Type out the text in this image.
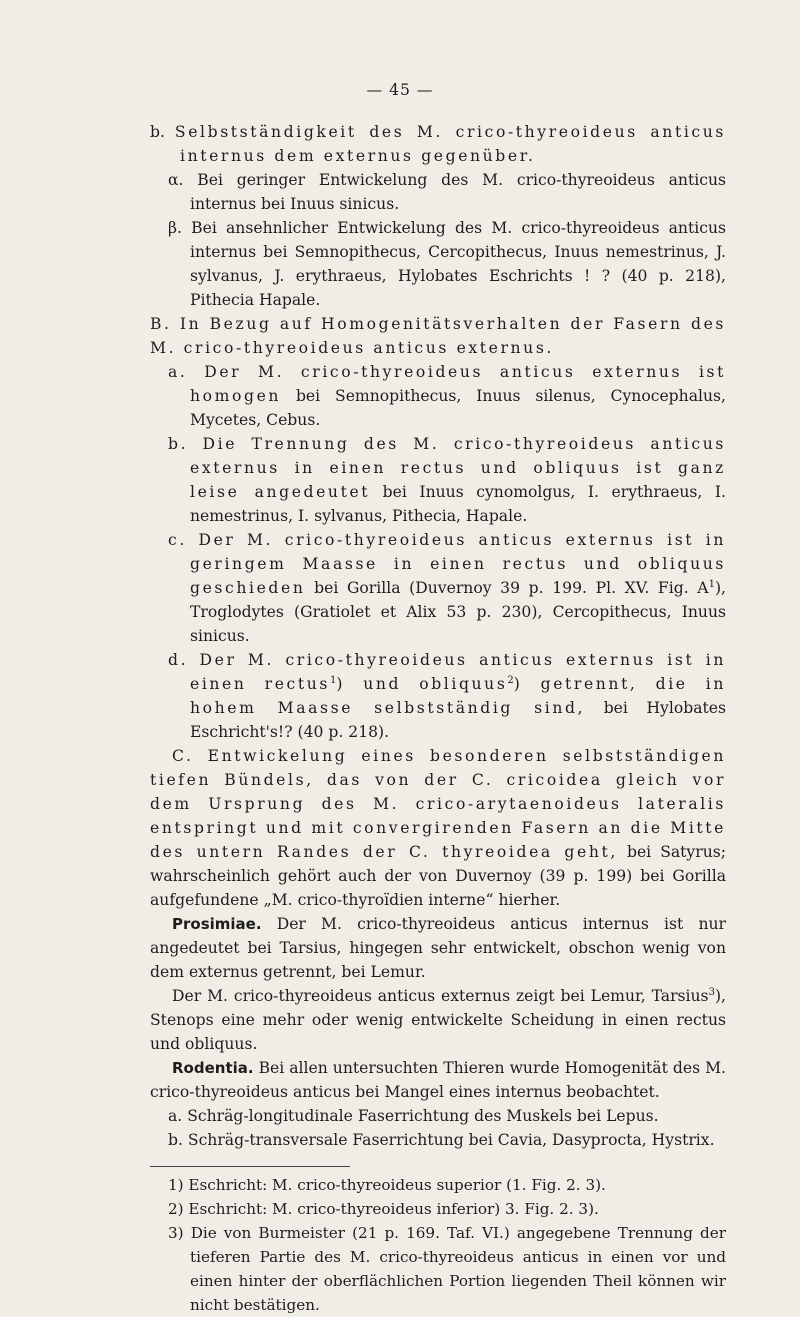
— 45 —

b. Selbstständigkeit des M. crico-thyreoideus anticus internus dem externus gegenüber.

α. Bei geringer Entwickelung des M. crico-thyreoideus anticus internus bei Inuus sinicus.

β. Bei ansehnlicher Entwickelung des M. crico-thyreoideus anticus internus bei Semnopithecus, Cercopithecus, Inuus nemestrinus, J. sylvanus, J. erythraeus, Hylobates Eschrichts ! ? (40 p. 218), Pithecia Hapale.

B. In Bezug auf Homogenitätsverhalten der Fasern des M. crico-thyreoideus anticus externus.

a. Der M. crico-thyreoideus anticus externus ist homogen bei Semnopithecus, Inuus silenus, Cynocephalus, Mycetes, Cebus.

b. Die Trennung des M. crico-thyreoideus anticus externus in einen rectus und obliquus ist ganz leise angedeutet bei Inuus cynomolgus, I. erythraeus, I. nemestrinus, I. sylvanus, Pithecia, Hapale.

c. Der M. crico-thyreoideus anticus externus ist in geringem Maasse in einen rectus und obliquus geschieden bei Gorilla (Duvernoy 39 p. 199. Pl. XV. Fig. $A^1$), Troglodytes (Gratiolet et Alix 53 p. 230), Cercopithecus, Inuus sinicus.

d. Der M. crico-thyreoideus anticus externus ist in einen rectus$^1$) und obliquus$^2$) getrennt, die in hohem Maasse selbstständig sind, bei Hylobates Eschricht's!? (40 p. 218).

C. Entwickelung eines besonderen selbstständigen tiefen Bündels, das von der C. cricoidea gleich vor dem Ursprung des M. crico-arytaenoideus lateralis entspringt und mit convergirenden Fasern an die Mitte des untern Randes der C. thyreoidea geht, bei Satyrus; wahrscheinlich gehört auch der von Duvernoy (39 p. 199) bei Gorilla aufgefundene „M. crico-thyroïdien interne“ hierher.

Prosimiae. Der M. crico-thyreoideus anticus internus ist nur angedeutet bei Tarsius, hingegen sehr entwickelt, obschon wenig von dem externus getrennt, bei Lemur.

Der M. crico-thyreoideus anticus externus zeigt bei Lemur, Tarsius$^3$), Stenops eine mehr oder wenig entwickelte Scheidung in einen rectus und obliquus.

Rodentia. Bei allen untersuchten Thieren wurde Homogenität des M. crico-thyreoideus anticus bei Mangel eines internus beobachtet.

a. Schräg-longitudinale Faserrichtung des Muskels bei Lepus.

b. Schräg-transversale Faserrichtung bei Cavia, Dasyprocta, Hystrix.

1) Eschricht: M. crico-thyreoideus superior (1. Fig. 2. 3).

2) Eschricht: M. crico-thyreoideus inferior) 3. Fig. 2. 3).

3) Die von Burmeister (21 p. 169. Taf. VI.) angegebene Trennung der tieferen Partie des M. crico-thyreoideus anticus in einen vor und einen hinter der oberflächlichen Portion liegenden Theil können wir nicht bestätigen.
